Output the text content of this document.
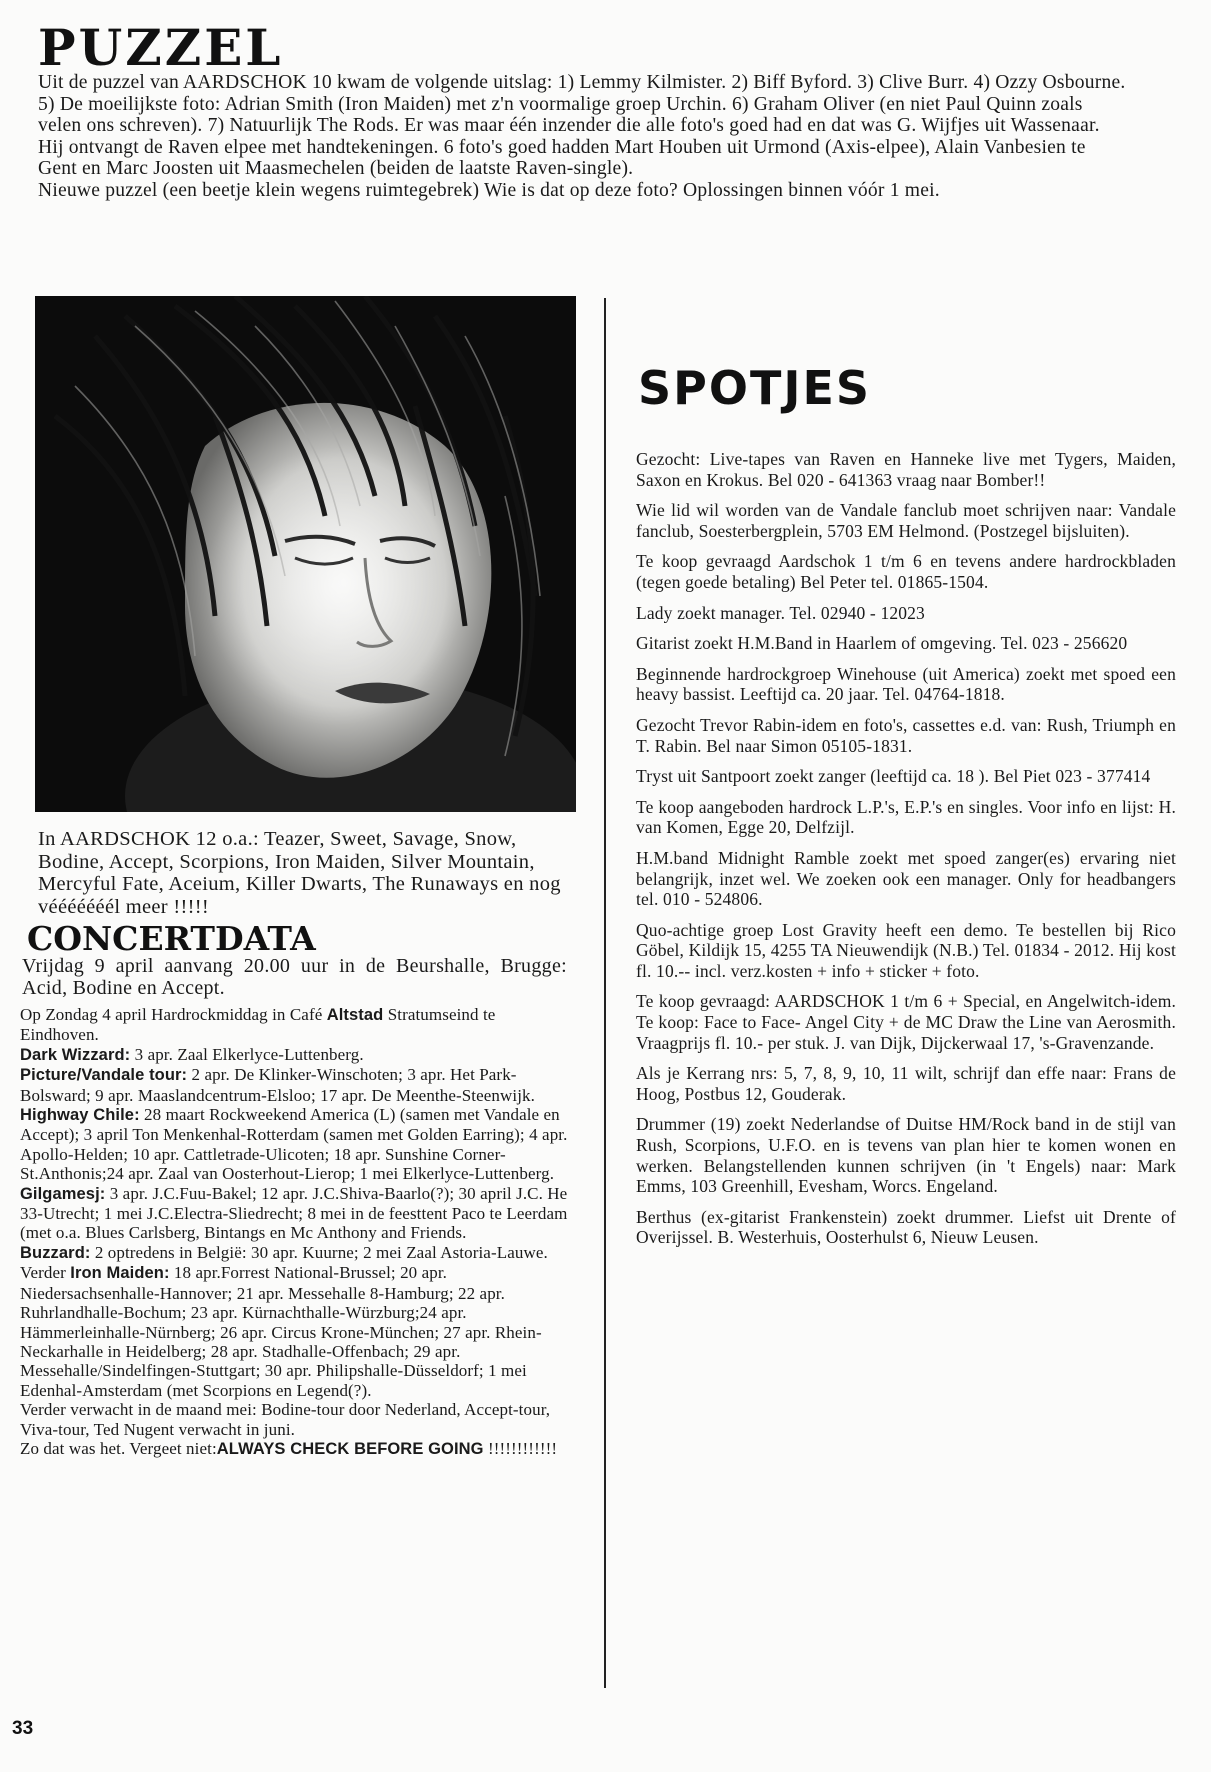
PUZZEL

Uit de puzzel van AARDSCHOK 10 kwam de volgende uitslag: 1) Lemmy Kilmister. 2) Biff Byford. 3) Clive Burr. 4) Ozzy Osbourne. 5) De moeilijkste foto: Adrian Smith (Iron Maiden) met z'n voormalige groep Urchin. 6) Graham Oliver (en niet Paul Quinn zoals velen ons schreven). 7) Natuurlijk The Rods. Er was maar één inzender die alle foto's goed had en dat was G. Wijfjes uit Wassenaar. Hij ontvangt de Raven elpee met handtekeningen. 6 foto's goed hadden Mart Houben uit Urmond (Axis-elpee), Alain Vanbesien te Gent en Marc Joosten uit Maasmechelen (beiden de laatste Raven-single).

Nieuwe puzzel (een beetje klein wegens ruimtegebrek) Wie is dat op deze foto? Oplossingen binnen vóór 1 mei.

SPOTJES

Gezocht: Live-tapes van Raven en Hanneke live met Tygers, Maiden, Saxon en Krokus. Bel 020 - 641363 vraag naar Bomber!!

Wie lid wil worden van de Vandale fanclub moet schrijven naar: Vandale fanclub, Soesterbergplein, 5703 EM Helmond. (Postzegel bijsluiten).

Te koop gevraagd Aardschok 1 t/m 6 en tevens andere hardrockbladen (tegen goede betaling) Bel Peter tel. 01865-1504.

Lady zoekt manager. Tel. 02940 - 12023

Gitarist zoekt H.M.Band in Haarlem of omgeving. Tel. 023 - 256620

Beginnende hardrockgroep Winehouse (uit America) zoekt met spoed een heavy bassist. Leeftijd ca. 20 jaar. Tel. 04764-1818.

Gezocht Trevor Rabin-idem en foto's, cassettes e.d. van: Rush, Triumph en T. Rabin. Bel naar Simon 05105-1831.

Tryst uit Santpoort zoekt zanger (leeftijd ca. 18 ). Bel Piet 023 - 377414

Te koop aangeboden hardrock L.P.'s, E.P.'s en singles. Voor info en lijst: H. van Komen, Egge 20, Delfzijl.

H.M.band Midnight Ramble zoekt met spoed zanger(es) ervaring niet belangrijk, inzet wel. We zoeken ook een manager. Only for headbangers tel. 010 - 524806.

Quo-achtige groep Lost Gravity heeft een demo. Te bestellen bij Rico Göbel, Kildijk 15, 4255 TA Nieuwendijk (N.B.) Tel. 01834 - 2012. Hij kost fl. 10.-- incl. verz.kosten + info + sticker + foto.

Te koop gevraagd: AARDSCHOK 1 t/m 6 + Special, en Angelwitch-idem. Te koop: Face to Face- Angel City + de MC Draw the Line van Aerosmith. Vraagprijs fl. 10.- per stuk. J. van Dijk, Dijckerwaal 17, 's-Gravenzande.

Als je Kerrang nrs: 5, 7, 8, 9, 10, 11 wilt, schrijf dan effe naar: Frans de Hoog, Postbus 12, Gouderak.

Drummer (19) zoekt Nederlandse of Duitse HM/Rock band in de stijl van Rush, Scorpions, U.F.O. en is tevens van plan hier te komen wonen en werken. Belangstellenden kunnen schrijven (in 't Engels) naar: Mark Emms, 103 Greenhill, Evesham, Worcs. Engeland.

Berthus (ex-gitarist Frankenstein) zoekt drummer. Liefst uit Drente of Overijssel. B. Westerhuis, Oosterhulst 6, Nieuw Leusen.

In AARDSCHOK 12 o.a.: Teazer, Sweet, Savage, Snow, Bodine, Accept, Scorpions, Iron Maiden, Silver Mountain, Mercyful Fate, Aceium, Killer Dwarts, The Runaways en nog vééééééél meer !!!!!

CONCERTDATA

Vrijdag 9 april aanvang 20.00 uur in de Beurshalle, Brugge: Acid, Bodine en Accept.

Op Zondag 4 april Hardrockmiddag in Café Altstad Stratumseind te Eindhoven.

Dark Wizzard: 3 apr. Zaal Elkerlyce-Luttenberg.

Picture/Vandale tour: 2 apr. De Klinker-Winschoten; 3 apr. Het Park-Bolsward; 9 apr. Maaslandcentrum-Elsloo; 17 apr. De Meenthe-Steenwijk.

Highway Chile: 28 maart Rockweekend America (L) (samen met Vandale en Accept); 3 april Ton Menkenhal-Rotterdam (samen met Golden Earring); 4 apr. Apollo-Helden; 10 apr. Cattletrade-Ulicoten; 18 apr. Sunshine Corner-St.Anthonis;24 apr. Zaal van Oosterhout-Lierop; 1 mei Elkerlyce-Luttenberg.

Gilgamesj: 3 apr. J.C.Fuu-Bakel; 12 apr. J.C.Shiva-Baarlo(?); 30 april J.C. He 33-Utrecht; 1 mei J.C.Electra-Sliedrecht; 8 mei in de feesttent Paco te Leerdam (met o.a. Blues Carlsberg, Bintangs en Mc Anthony and Friends.

Buzzard: 2 optredens in België: 30 apr. Kuurne; 2 mei Zaal Astoria-Lauwe.

Verder Iron Maiden: 18 apr.Forrest National-Brussel; 20 apr. Niedersachsenhalle-Hannover; 21 apr. Messehalle 8-Hamburg; 22 apr. Ruhrlandhalle-Bochum; 23 apr. Kürnachthalle-Würzburg;24 apr. Hämmerleinhalle-Nürnberg; 26 apr. Circus Krone-München; 27 apr. Rhein-Neckarhalle in Heidelberg; 28 apr. Stadhalle-Offenbach; 29 apr. Messehalle/Sindelfingen-Stuttgart; 30 apr. Philipshalle-Düsseldorf; 1 mei Edenhal-Amsterdam (met Scorpions en Legend(?).

Verder verwacht in de maand mei: Bodine-tour door Nederland, Accept-tour, Viva-tour, Ted Nugent verwacht in juni.

Zo dat was het. Vergeet niet:ALWAYS CHECK BEFORE GOING !!!!!!!!!!!!

33
